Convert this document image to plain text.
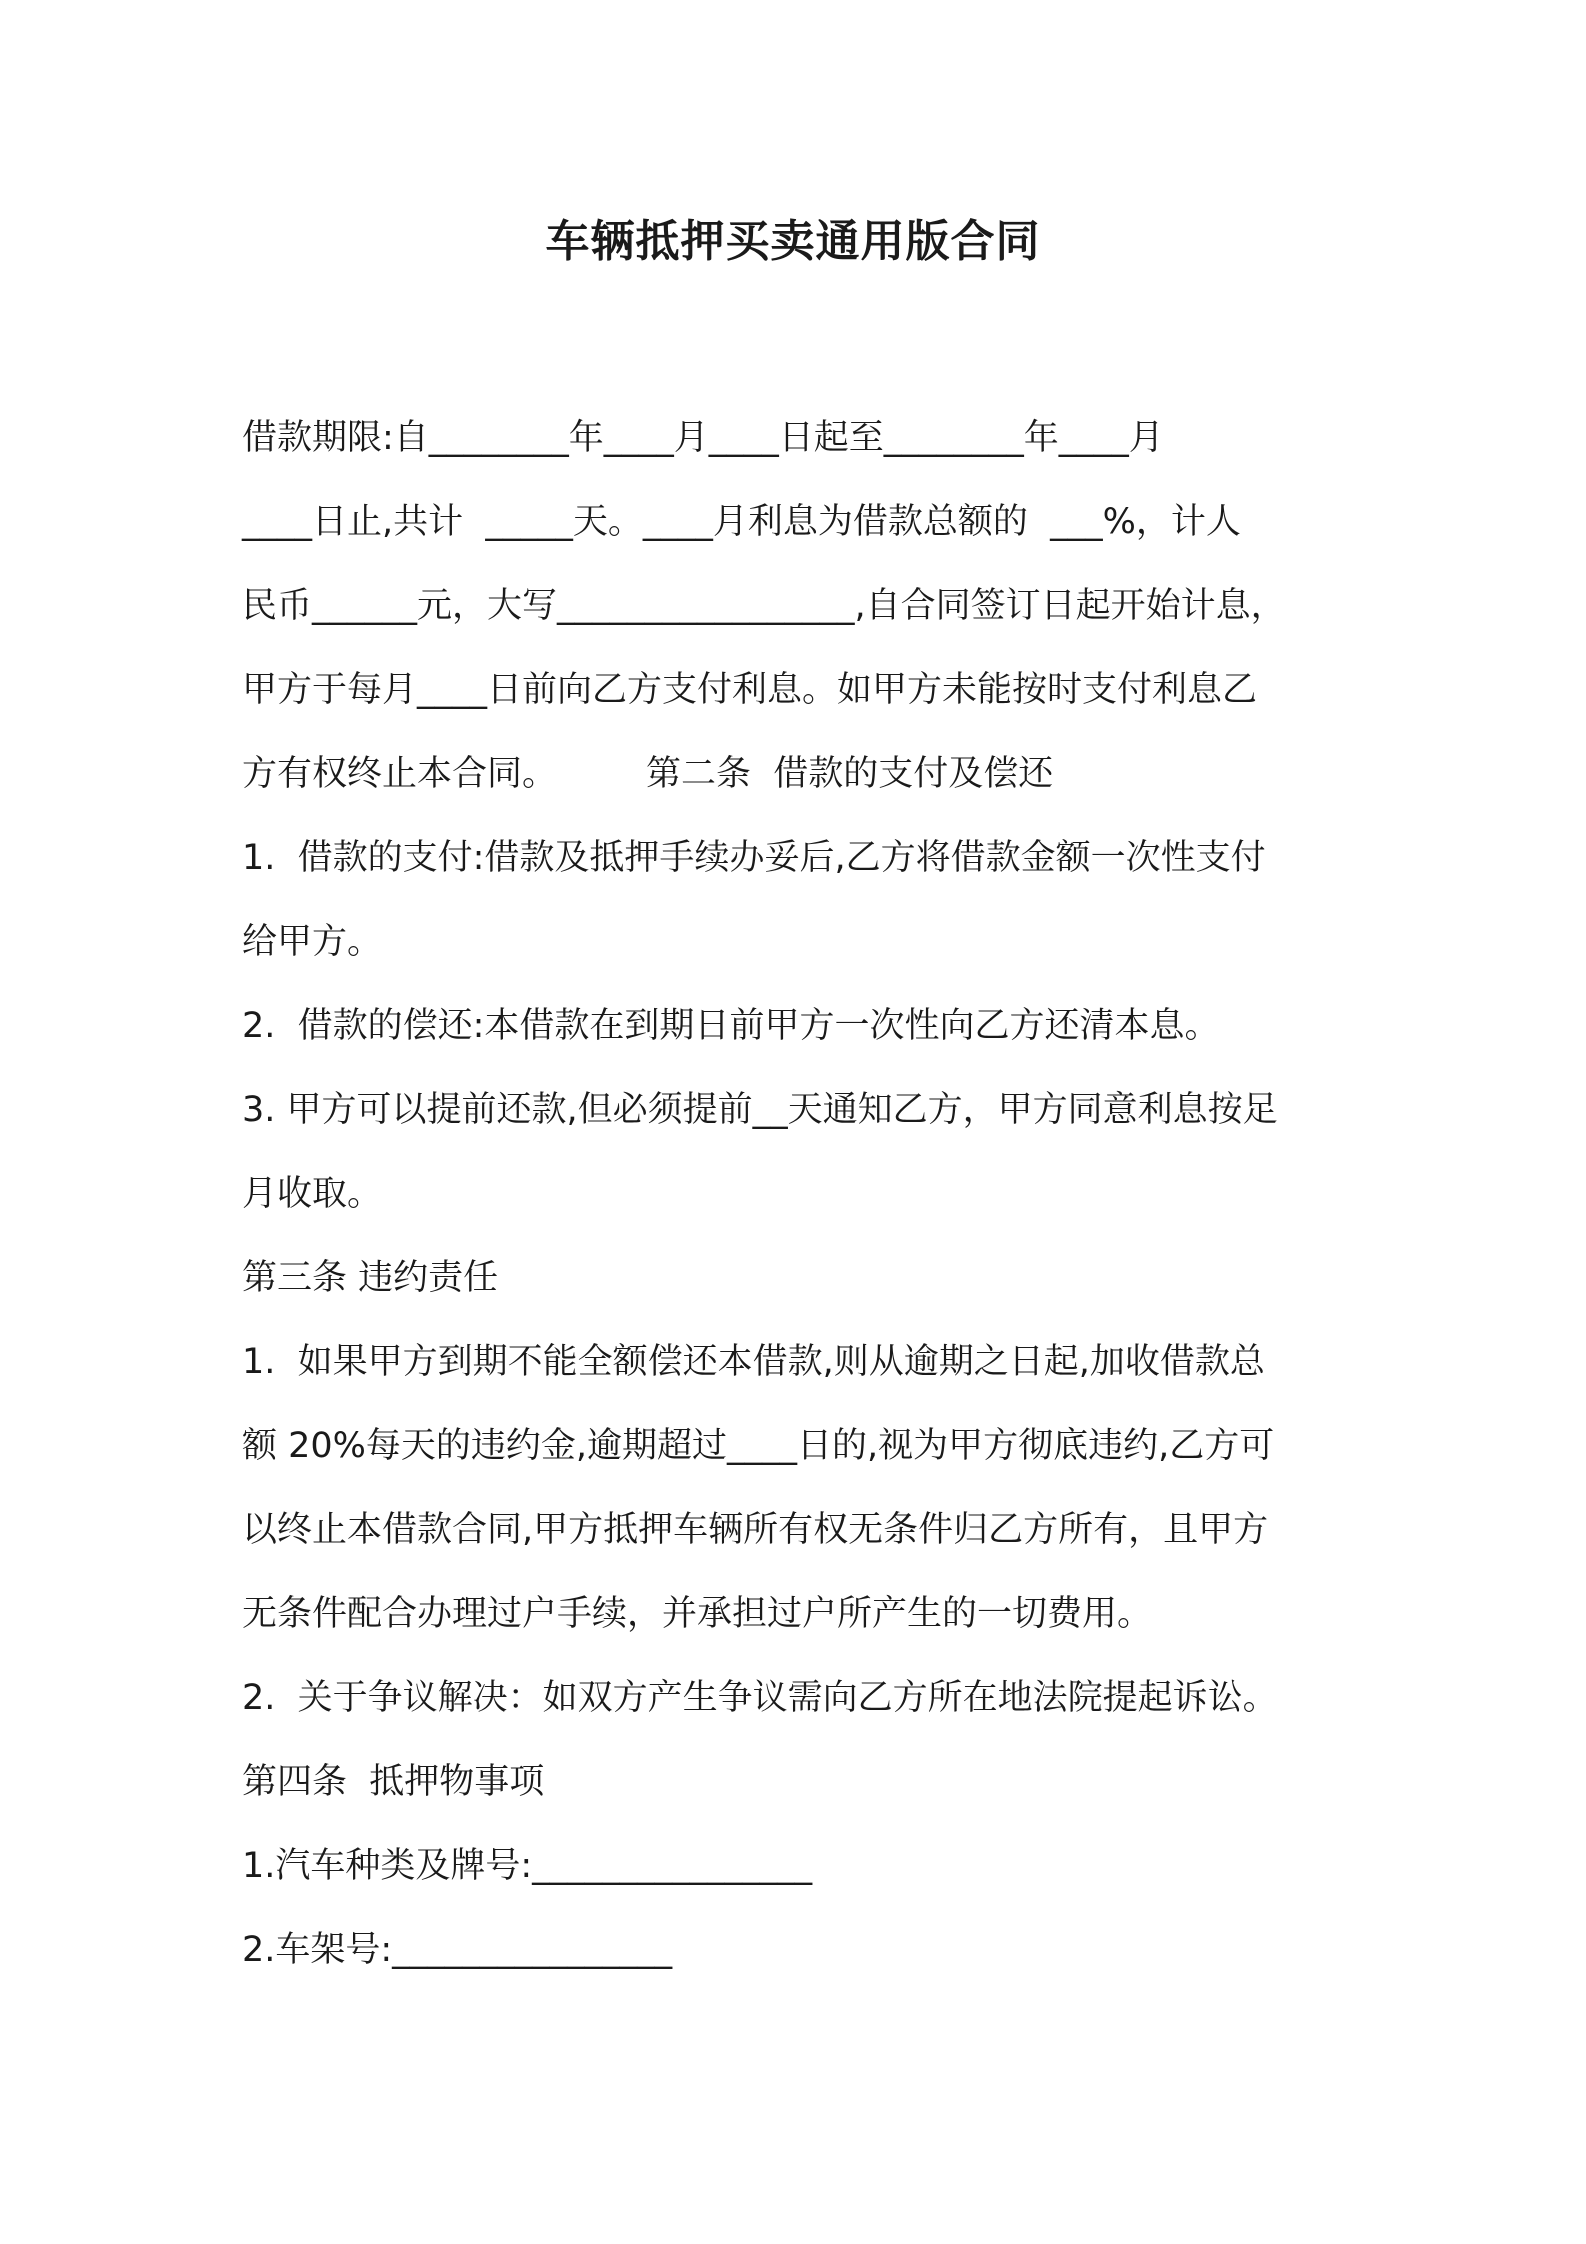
车辆抵押买卖通用版合同

借款期限:自________年____月____日起至________年____月

____日止,共计  _____天。____月利息为借款总额的  ___%，计人

民币______元，大写_________________,自合同签订日起开始计息，

甲方于每月____日前向乙方支付利息。如甲方未能按时支付利息乙

方有权终止本合同。        第二条  借款的支付及偿还

1.  借款的支付:借款及抵押手续办妥后,乙方将借款金额一次性支付

给甲方。

2.  借款的偿还:本借款在到期日前甲方一次性向乙方还清本息。

3. 甲方可以提前还款,但必须提前__天通知乙方，甲方同意利息按足

月收取。

第三条 违约责任

1.  如果甲方到期不能全额偿还本借款,则从逾期之日起,加收借款总

额 20%每天的违约金,逾期超过____日的,视为甲方彻底违约,乙方可

以终止本借款合同,甲方抵押车辆所有权无条件归乙方所有，且甲方

无条件配合办理过户手续，并承担过户所产生的一切费用。

2.  关于争议解决：如双方产生争议需向乙方所在地法院提起诉讼。

第四条  抵押物事项

1.汽车种类及牌号:________________

2.车架号:________________
